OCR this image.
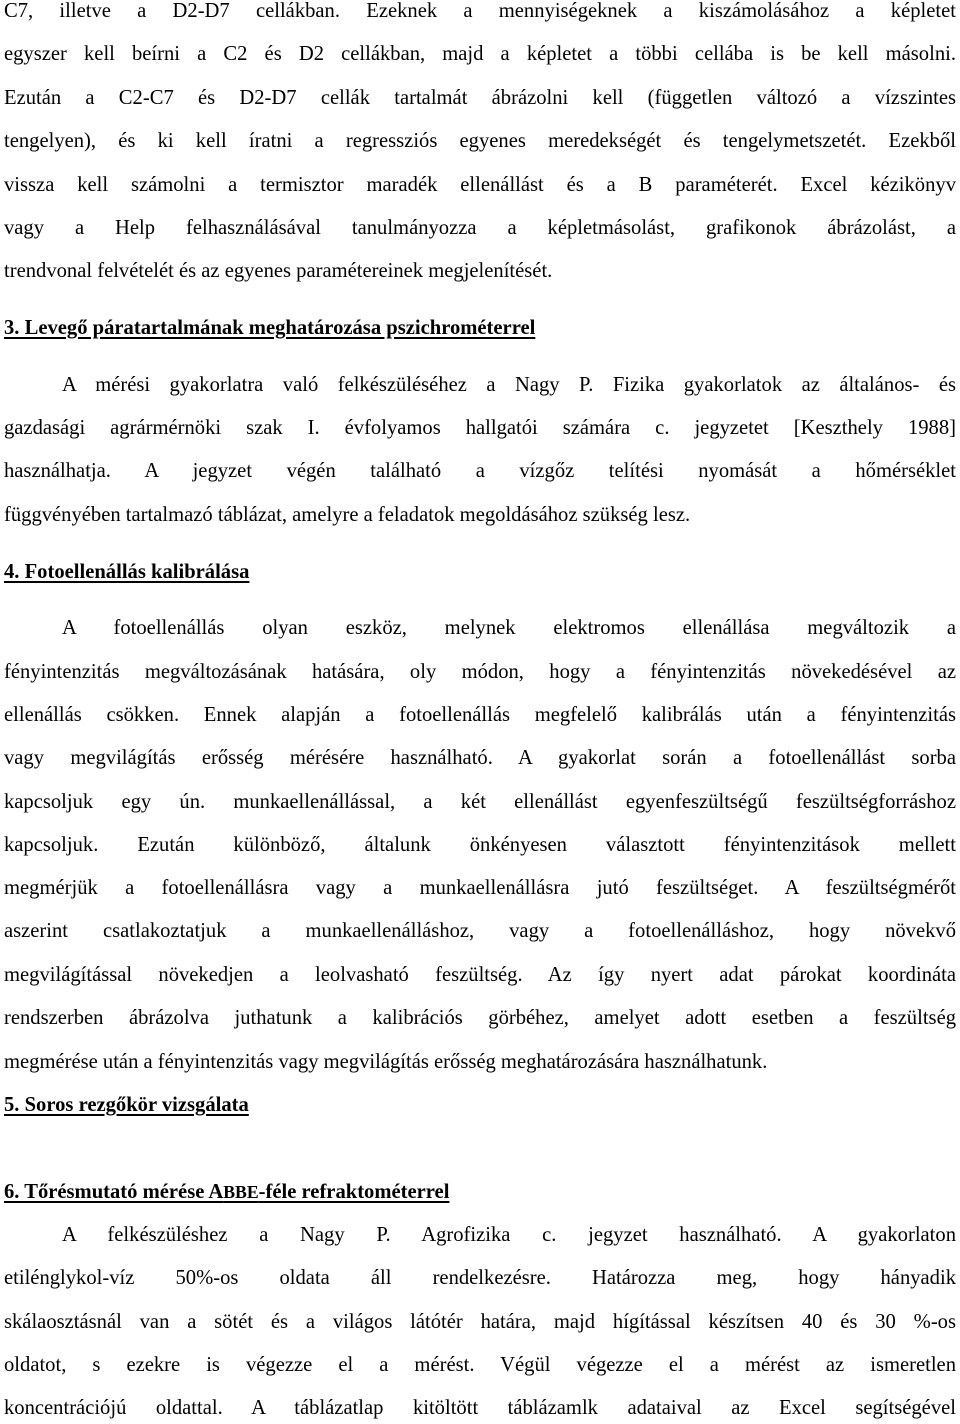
C7, illetve a D2-D7 cellákban. Ezeknek a mennyiségeknek a kiszámolásához a képletet
egyszer kell beírni a C2 és D2 cellákban, majd a képletet a többi cellába is be kell másolni.
Ezután a C2-C7 és D2-D7 cellák tartalmát ábrázolni kell (független változó a vízszintes
tengelyen), és ki kell íratni a regressziós egyenes meredekségét és tengelymetszetét. Ezekből
vissza kell számolni a termisztor maradék ellenállást és a B paraméterét. Excel kézikönyv
vagy a Help felhasználásával tanulmányozza a képletmásolást, grafikonok ábrázolást, a
trendvonal felvételét és az egyenes paramétereinek megjelenítését.
3. Levegő páratartalmának meghatározása pszichrométerrel
A mérési gyakorlatra való felkészüléséhez a Nagy P. Fizika gyakorlatok az általános- és
gazdasági agrármérnöki szak I. évfolyamos hallgatói számára c. jegyzetet [Keszthely 1988]
használhatja. A jegyzet végén található a vízgőz telítési nyomását a hőmérséklet
függvényében tartalmazó táblázat, amelyre a feladatok megoldásához szükség lesz.
4. Fotoellenállás kalibrálása
A fotoellenállás olyan eszköz, melynek elektromos ellenállása megváltozik a
fényintenzitás megváltozásának hatására, oly módon, hogy a fényintenzitás növekedésével az
ellenállás csökken. Ennek alapján a fotoellenállás megfelelő kalibrálás után a fényintenzitás
vagy megvilágítás erősség mérésére használható. A gyakorlat során a fotoellenállást sorba
kapcsoljuk egy ún. munkaellenállással, a két ellenállást egyenfeszültségű feszültségforráshoz
kapcsoljuk. Ezután különböző, általunk önkényesen választott fényintenzitások mellett
megmérjük a fotoellenállásra vagy a munkaellenállásra jutó feszültséget. A feszültségmérőt
aszerint csatlakoztatjuk a munkaellenálláshoz, vagy a fotoellenálláshoz, hogy növekvő
megvilágítással növekedjen a leolvasható feszültség. Az így nyert adat párokat koordináta
rendszerben ábrázolva juthatunk a kalibrációs görbéhez, amelyet adott esetben a feszültség
megmérése után a fényintenzitás vagy megvilágítás erősség meghatározására használhatunk.
5. Soros rezgőkör vizsgálata
6. Tőrésmutató mérése ABBE-féle refraktométerrel
A felkészüléshez a Nagy P. Agrofizika c. jegyzet használható. A gyakorlaton
etilénglykol-víz 50%-os oldata áll rendelkezésre. Határozza meg, hogy hányadik
skálaosztásnál van a sötét és a világos látótér határa, majd hígítással készítsen 40 és 30 %-os
oldatot, s ezekre is végezze el a mérést. Végül végezze el a mérést az ismeretlen
koncentrációjú oldattal. A táblázatlap kitöltött táblázamlk adataival az Excel segítségével
